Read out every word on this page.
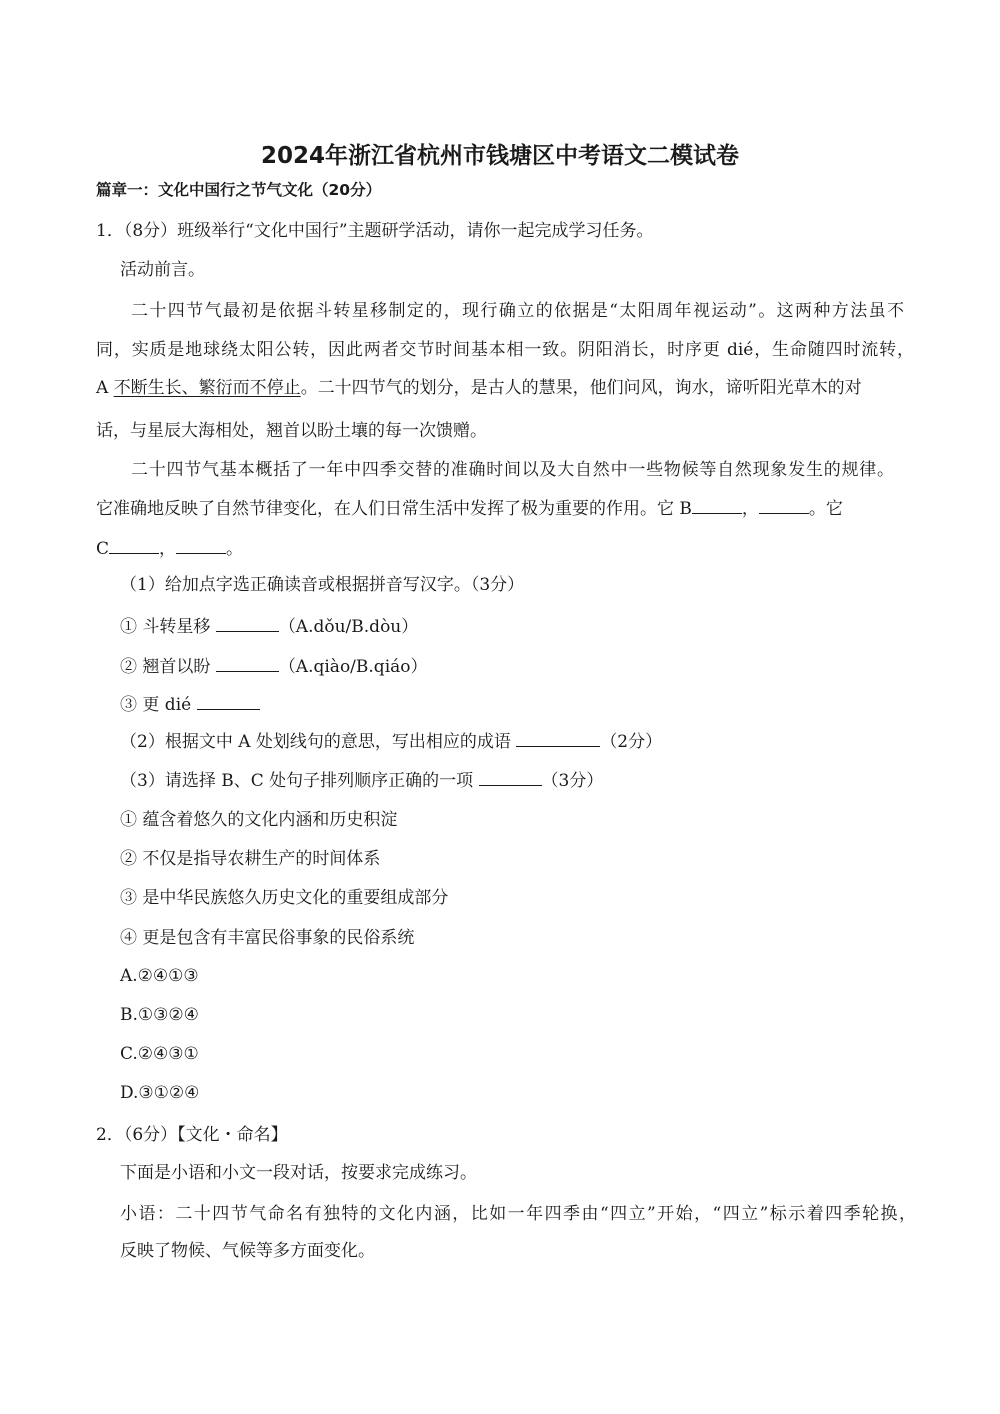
2024年浙江省杭州市钱塘区中考语文二模试卷
篇章一：文化中国行之节气文化（20分）
1．（8分）班级举行“文化中国行”主题研学活动，请你一起完成学习任务。
活动前言。
二十四节气最初是依据斗转星移制定的，现行确立的依据是“太阳周年视运动”。这两种方法虽不
同，实质是地球绕太阳公转，因此两者交节时间基本相一致。阴阳消长，时序更 dié，生命随四时流转，
A 不断生长、繁衍而不停止。二十四节气的划分，是古人的慧果，他们问风，询水，谛听阳光草木的对
话，与星辰大海相处，翘首以盼土壤的每一次馈赠。
二十四节气基本概括了一年中四季交替的准确时间以及大自然中一些物候等自然现象发生的规律。
它准确地反映了自然节律变化，在人们日常生活中发挥了极为重要的作用。它 B	，	。它
C	，	。
（1）给加点字选正确读音或根据拼音写汉字。（3分）
① 斗转星移	（A.dǒu/B.dòu）
② 翘首以盼	（A.qiào/B.qiáo）
③ 更 dié
（2）根据文中 A 处划线句的意思，写出相应的成语	（2分）
（3）请选择 B、C 处句子排列顺序正确的一项	（3分）
① 蕴含着悠久的文化内涵和历史积淀
② 不仅是指导农耕生产的时间体系
③ 是中华民族悠久历史文化的重要组成部分
④ 更是包含有丰富民俗事象的民俗系统
A.②④①③
B.①③②④
C.②④③①
D.③①②④
2．（6分）【文化・命名】
下面是小语和小文一段对话，按要求完成练习。
小语：二十四节气命名有独特的文化内涵，比如一年四季由“四立”开始，“四立”标示着四季轮换，
反映了物候、气候等多方面变化。
